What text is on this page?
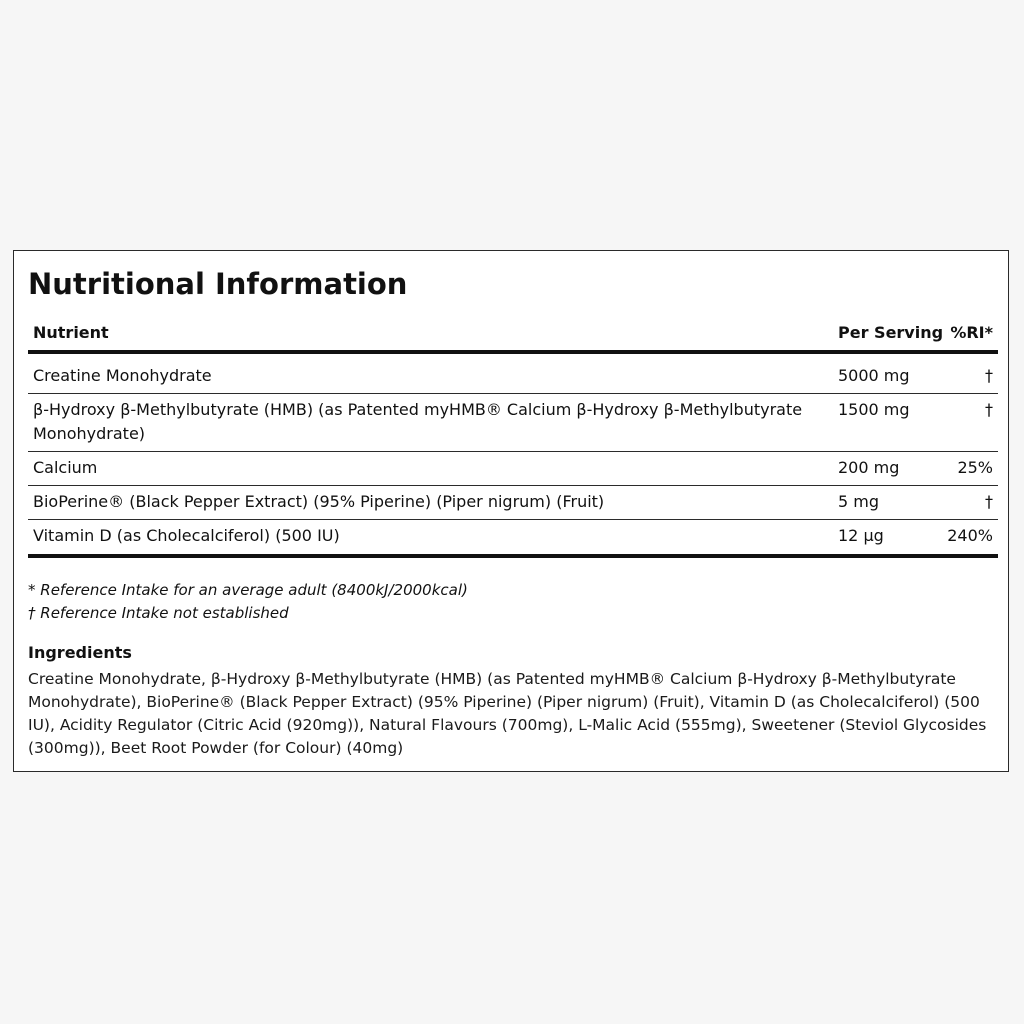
Nutritional Information
Nutrient	Per Serving	%RI*
Creatine Monohydrate	5000 mg	†
β-Hydroxy β-Methylbutyrate (HMB) (as Patented myHMB® Calcium β-Hydroxy β-Methylbutyrate Monohydrate)	1500 mg	†
Calcium	200 mg	25%
BioPerine® (Black Pepper Extract) (95% Piperine) (Piper nigrum) (Fruit)	5 mg	†
Vitamin D (as Cholecalciferol) (500 IU)	12 µg	240%
* Reference Intake for an average adult (8400kJ/2000kcal)
† Reference Intake not established
Ingredients

Creatine Monohydrate, β-Hydroxy β-Methylbutyrate (HMB) (as Patented myHMB® Calcium β-Hydroxy β-Methylbutyrate Monohydrate), BioPerine® (Black Pepper Extract) (95% Piperine) (Piper nigrum) (Fruit), Vitamin D (as Cholecalciferol) (500 IU), Acidity Regulator (Citric Acid (920mg)), Natural Flavours (700mg), L-Malic Acid (555mg), Sweetener (Steviol Glycosides (300mg)), Beet Root Powder (for Colour) (40mg)
